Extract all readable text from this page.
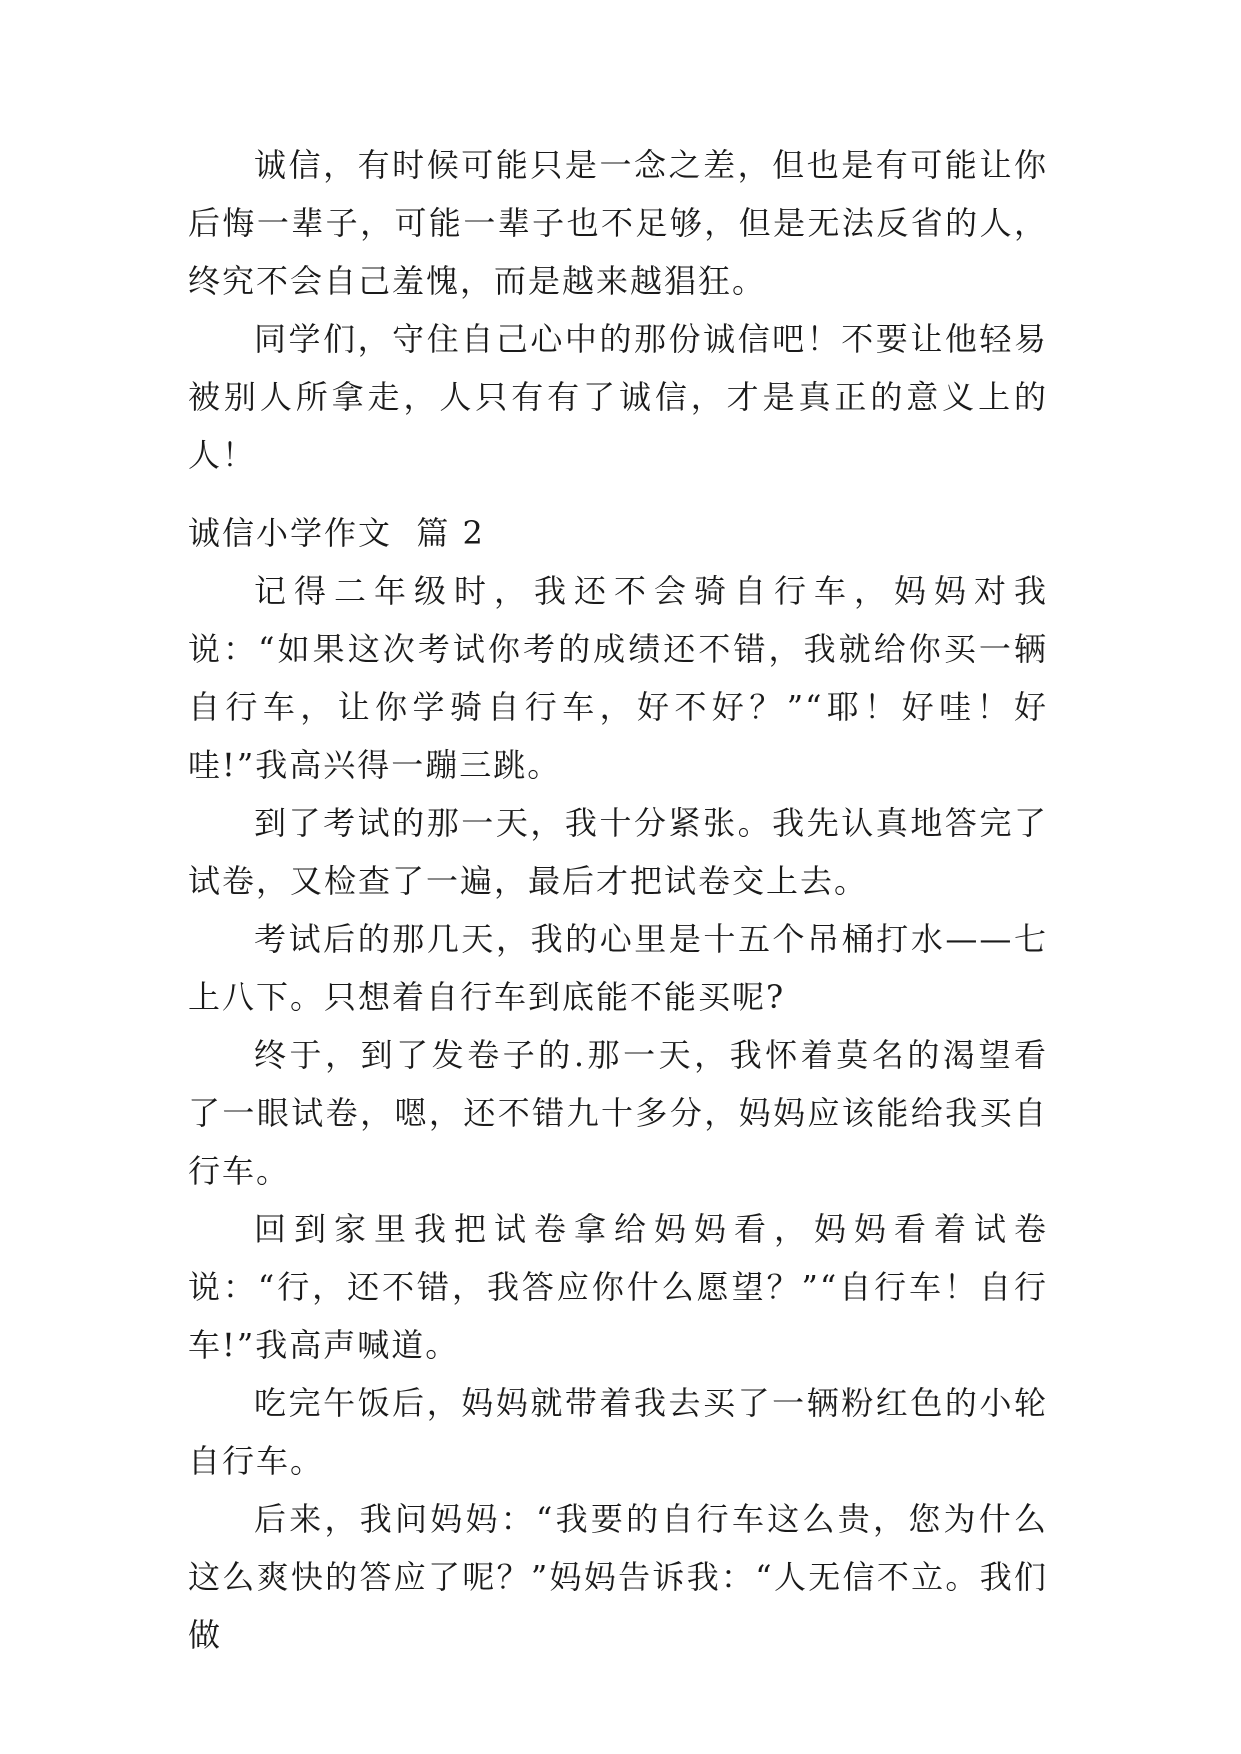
诚信，有时候可能只是一念之差，但也是有可能让你后悔一辈子，可能一辈子也不足够，但是无法反省的人，终究不会自己羞愧，而是越来越猖狂。

同学们，守住自己心中的那份诚信吧！不要让他轻易被别人所拿走，人只有有了诚信，才是真正的意义上的人！

诚信小学作文  篇 2

记得二年级时，我还不会骑自行车，妈妈对我说：“如果这次考试你考的成绩还不错，我就给你买一辆自行车，让你学骑自行车，好不好？”“耶！好哇！好哇!”我高兴得一蹦三跳。

到了考试的那一天，我十分紧张。我先认真地答完了试卷，又检查了一遍，最后才把试卷交上去。

考试后的那几天，我的心里是十五个吊桶打水——七上八下。只想着自行车到底能不能买呢?

终于，到了发卷子的.那一天，我怀着莫名的渴望看了一眼试卷，嗯，还不错九十多分，妈妈应该能给我买自行车。

回到家里我把试卷拿给妈妈看，妈妈看着试卷说：“行，还不错，我答应你什么愿望？”“自行车！自行车!”我高声喊道。

吃完午饭后，妈妈就带着我去买了一辆粉红色的小轮自行车。

后来，我问妈妈：“我要的自行车这么贵，您为什么这么爽快的答应了呢？”妈妈告诉我：“人无信不立。我们做
